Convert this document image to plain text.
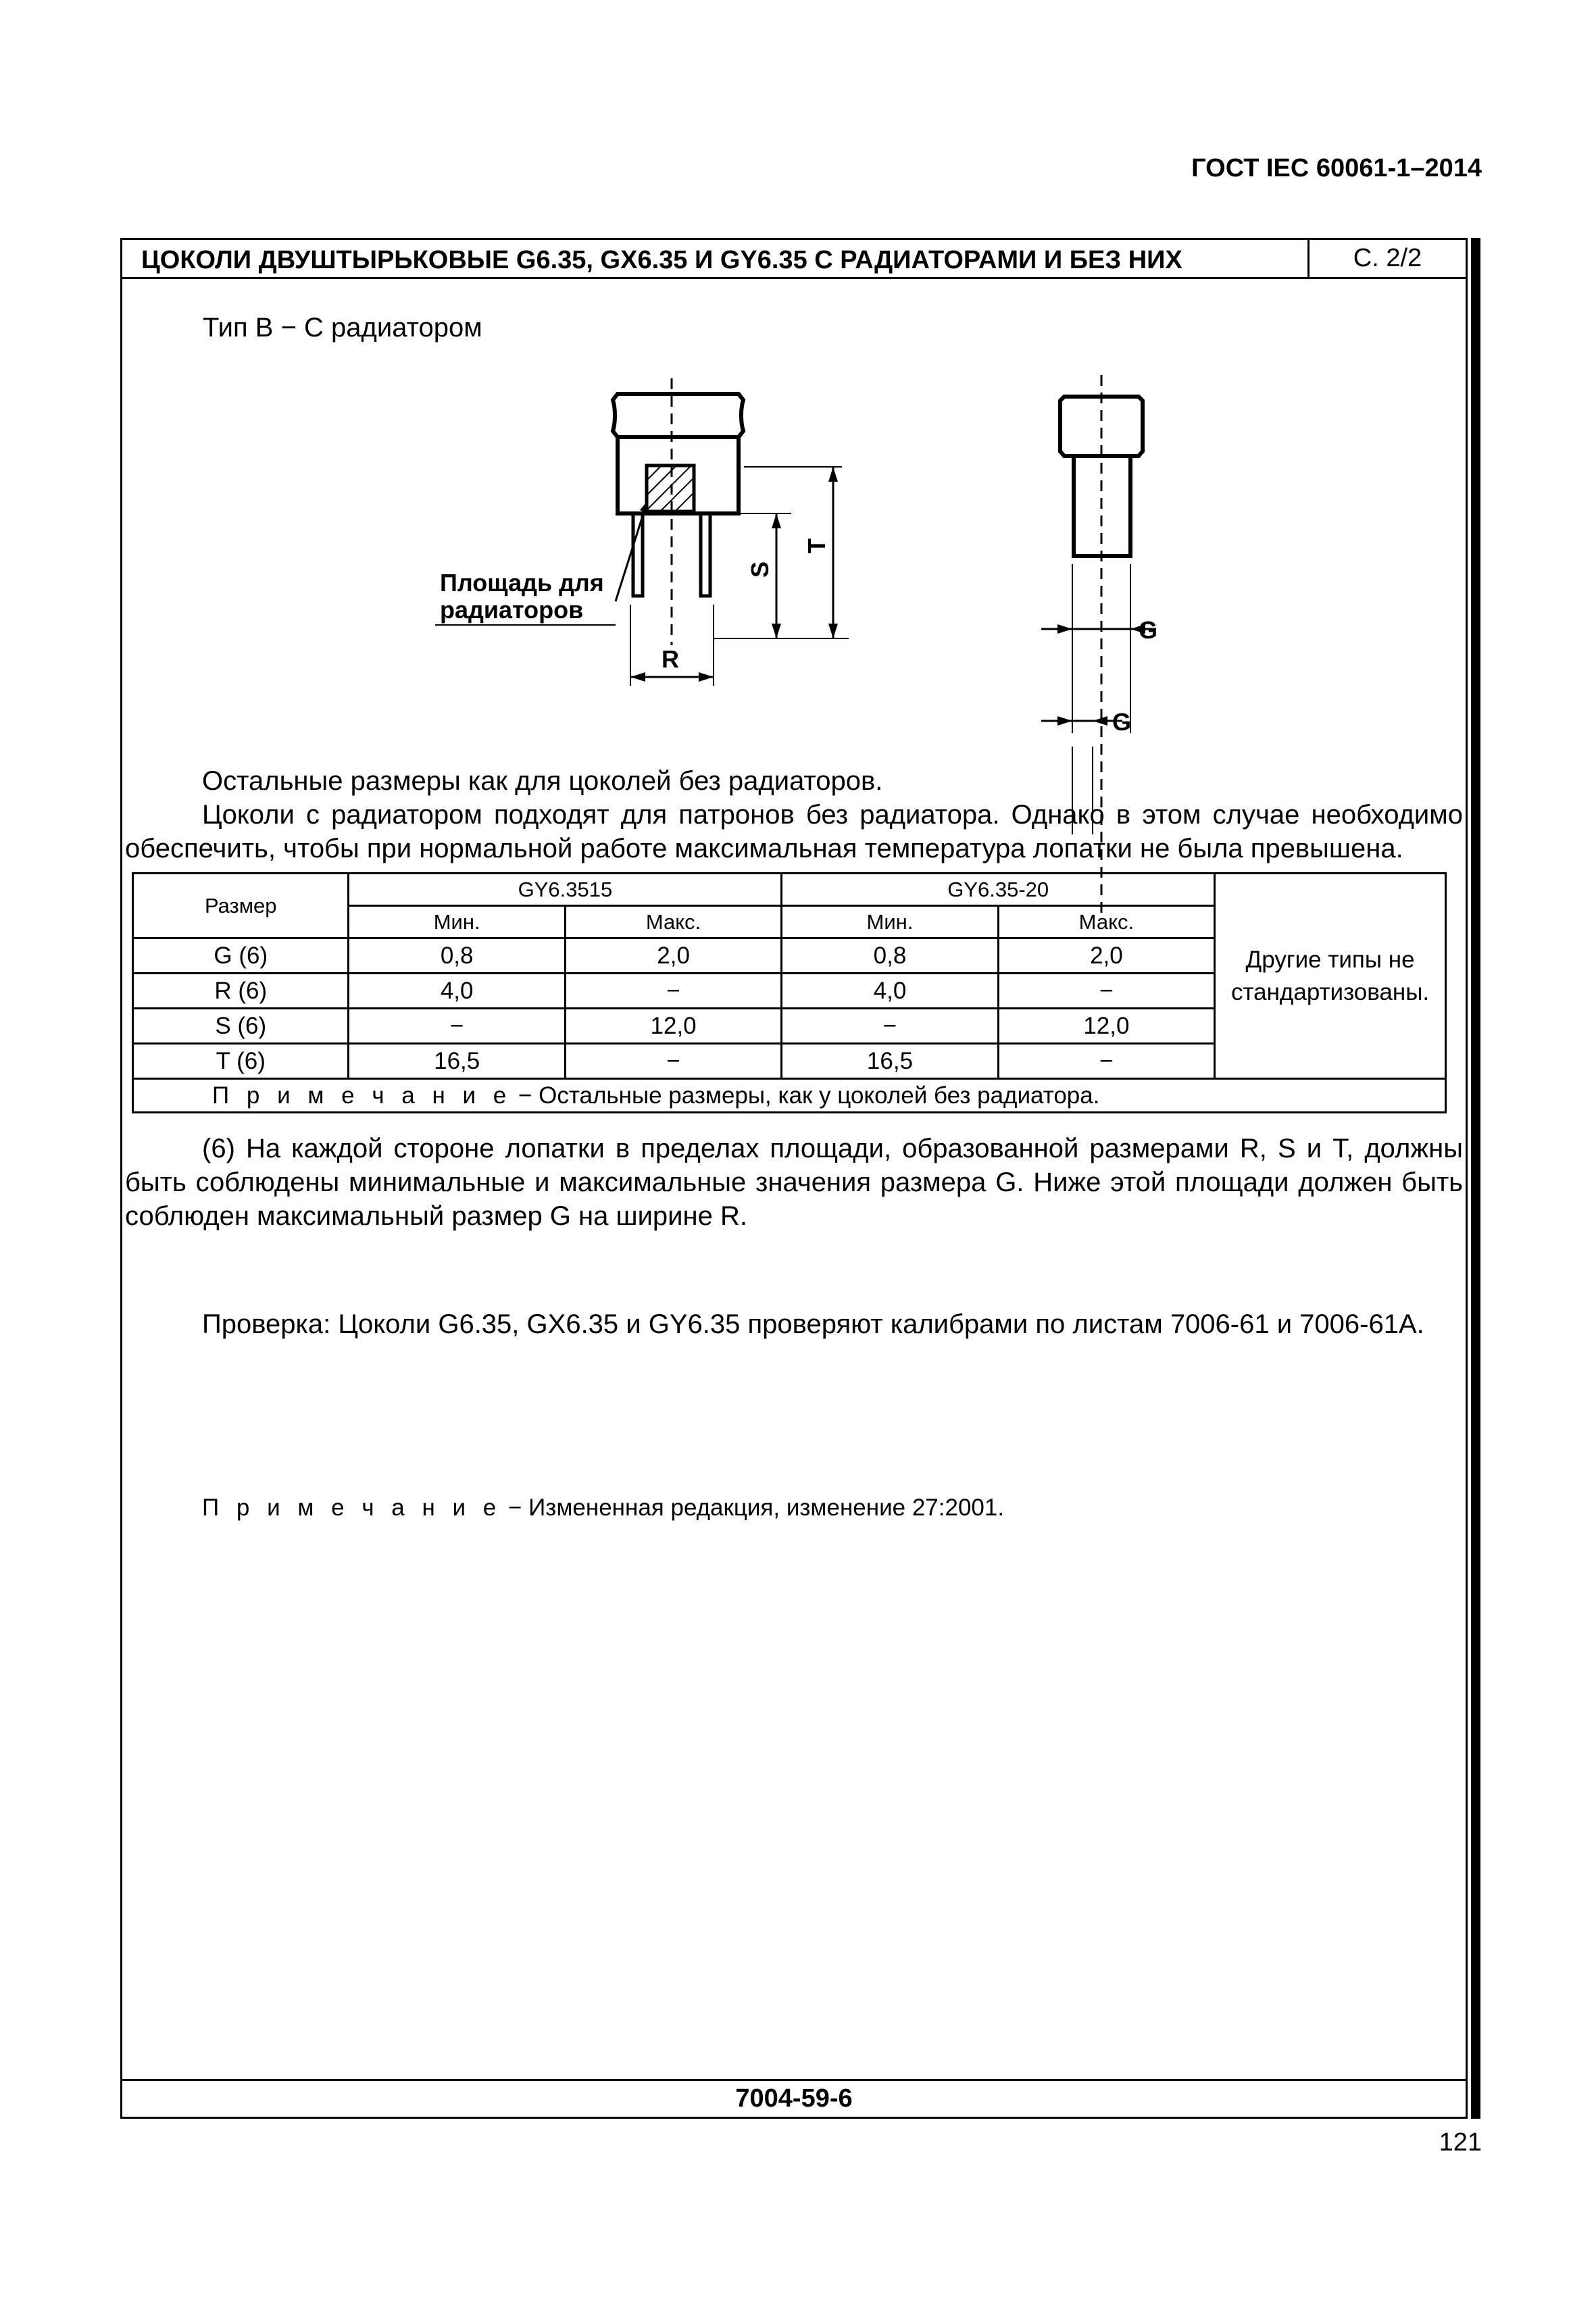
ГОСТ IEC 60061-1–2014
ЦОКОЛИ ДВУШТЫРЬКОВЫЕ G6.35, GX6.35 И GY6.35 С РАДИАТОРАМИ И БЕЗ НИХ	С. 2/2
Тип B − С радиатором
Площадь для
радиаторов
R
S
T
G
G
Остальные размеры как для цоколей без радиаторов.
Цоколи с радиатором подходят для патронов без радиатора. Однако в этом случае необходимо обеспечить, чтобы при нормальной работе максимальная температура лопатки не была превышена.
Размер	GY6.3515		GY6.35-20		Другие типы не стандартизованы.
	Мин.	Макс.	Мин.	Макс.	
G (6)	0,8	2,0	0,8	2,0	
R (6)	4,0	−	4,0	−	
S (6)	−	12,0	−	12,0	
T (6)	16,5	−	16,5	−	
П р и м е ч а н и е − Остальные размеры, как у цоколей без радиатора.					
(6) На каждой стороне лопатки в пределах площади, образованной размерами R, S и T, должны быть соблюдены минимальные и максимальные значения размера G. Ниже этой площади должен быть соблюден максимальный размер G на ширине R.
Проверка: Цоколи G6.35, GX6.35 и GY6.35 проверяют калибрами по листам 7006-61 и 7006-61A.
П р и м е ч а н и е − Измененная редакция, изменение 27:2001.
7004-59-6
121
